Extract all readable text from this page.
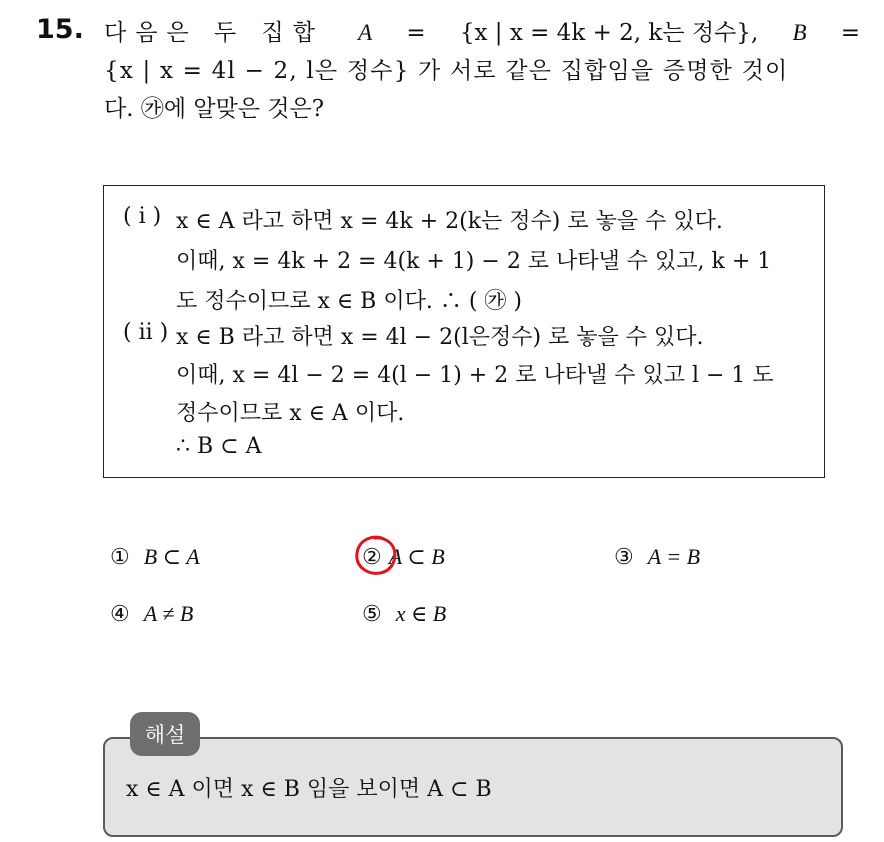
15. 다음은 두 집합 A = {x | x = 4k + 2, k는 정수}, B =
{x | x = 4l − 2, l은 정수} 가 서로 같은 집합임을 증명한 것이
다. ㉮에 알맞은 것은?
( i ) x ∈ A 라고 하면 x = 4k + 2(k는 정수) 로 놓을 수 있다.
이때, x = 4k + 2 = 4(k + 1) − 2 로 나타낼 수 있고, k + 1
도 정수이므로 x ∈ B 이다. ∴ ( ㉮ )
( ii ) x ∈ B 라고 하면 x = 4l − 2(l은정수) 로 놓을 수 있다.
이때, x = 4l − 2 = 4(l − 1) + 2 로 나타낼 수 있고 l − 1 도
정수이므로 x ∈ A 이다.
∴ B ⊂ A
① B ⊂ A	② A ⊂ B	③ A = B
④ A ≠ B	⑤ x ∈ B
해설
x ∈ A 이면 x ∈ B 임을 보이면 A ⊂ B
